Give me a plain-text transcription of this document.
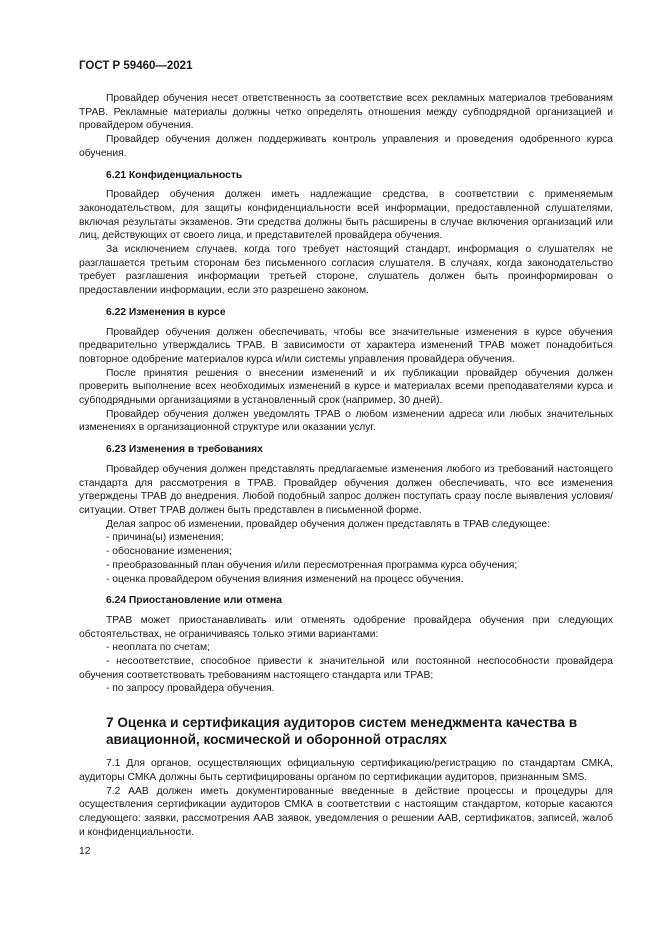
ГОСТ Р 59460—2021

Провайдер обучения несет ответственность за соответствие всех рекламных материалов требованиям ТРАВ. Рекламные материалы должны четко определять отношения между субподрядной организацией и провайдером обучения.

Провайдер обучения должен поддерживать контроль управления и проведения одобренного курса обучения.

6.21 Конфиденциальность

Провайдер обучения должен иметь надлежащие средства, в соответствии с применяемым законодательством, для защиты конфиденциальности всей информации, предоставленной слушателями, включая результаты экзаменов. Эти средства должны быть расширены в случае включения организаций или лиц, действующих от своего лица, и представителей провайдера обучения.

За исключением случаев, когда того требует настоящий стандарт, информация о слушателях не разглашается третьим сторонам без письменного согласия слушателя. В случаях, когда законодательство требует разглашения информации третьей стороне, слушатель должен быть проинформирован о предоставлении информации, если это разрешено законом.

6.22 Изменения в курсе

Провайдер обучения должен обеспечивать, чтобы все значительные изменения в курсе обучения предварительно утверждались ТРАВ. В зависимости от характера изменений ТРАВ может понадобиться повторное одобрение материалов курса и/или системы управления провайдера обучения.

После принятия решения о внесении изменений и их публикации провайдер обучения должен проверить выполнение всех необходимых изменений в курсе и материалах всеми преподавателями курса и субподрядными организациями в установленный срок (например, 30 дней).

Провайдер обучения должен уведомлять ТРАВ о любом изменении адреса или любых значительных изменениях в организационной структуре или оказании услуг.

6.23 Изменения в требованиях

Провайдер обучения должен представлять предлагаемые изменения любого из требований настоящего стандарта для рассмотрения в ТРАВ. Провайдер обучения должен обеспечивать, что все изменения утверждены ТРАВ до внедрения. Любой подобный запрос должен поступать сразу после выявления условия/ситуации. Ответ ТРАВ должен быть представлен в письменной форме.

Делая запрос об изменении, провайдер обучения должен представлять в ТРАВ следующее:

- причина(ы) изменения;

- обоснование изменения;

- преобразованный план обучения и/или пересмотренная программа курса обучения;

- оценка провайдером обучения влияния изменений на процесс обучения.

6.24 Приостановление или отмена

ТРАВ может приостанавливать или отменять одобрение провайдера обучения при следующих обстоятельствах, не ограничиваясь только этими вариантами:

- неоплата по счетам;

- несоответствие, способное привести к значительной или постоянной неспособности провайдера обучения соответствовать требованиям настоящего стандарта или ТРАВ;

- по запросу провайдера обучения.

7 Оценка и сертификация аудиторов систем менеджмента качества в авиационной, космической и оборонной отраслях

7.1 Для органов, осуществляющих официальную сертификацию/регистрацию по стандартам СМКА, аудиторы СМКА должны быть сертифицированы органом по сертификации аудиторов, признанным SMS.

7.2 ААВ должен иметь документированные введенные в действие процессы и процедуры для осуществления сертификации аудиторов СМКА в соответствии с настоящим стандартом, которые касаются следующего: заявки, рассмотрения ААВ заявок, уведомления о решении ААВ, сертификатов, записей, жалоб и конфиденциальности.

12
